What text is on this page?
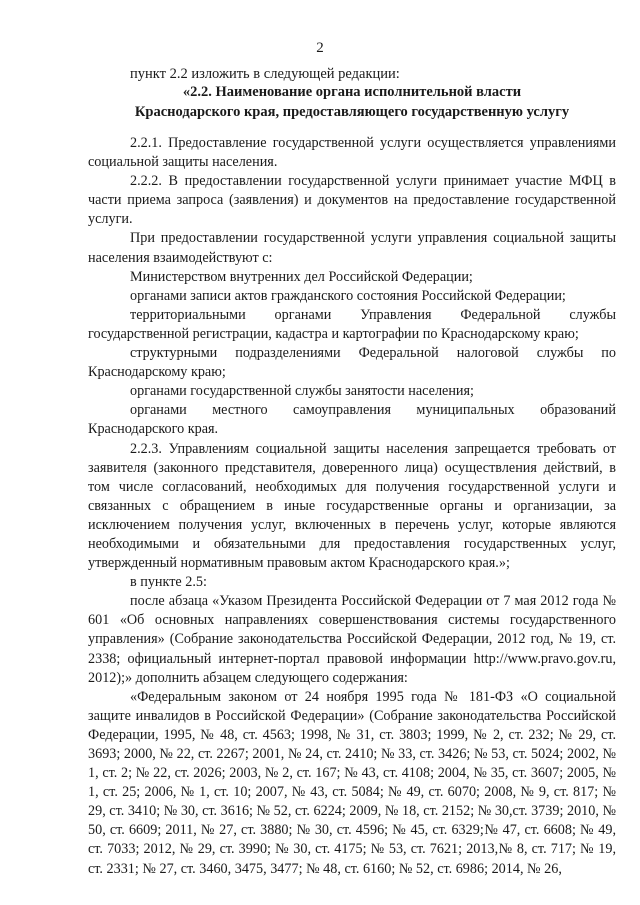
2
пункт 2.2 изложить в следующей редакции:
«2.2. Наименование органа исполнительной власти
Краснодарского края, предоставляющего государственную услугу

2.2.1. Предоставление государственной услуги осуществляется управлениями социальной защиты населения.

2.2.2. В предоставлении государственной услуги принимает участие МФЦ в части приема запроса (заявления) и документов на предоставление государственной услуги.

При предоставлении государственной услуги управления социальной защиты населения взаимодействуют с:

Министерством внутренних дел Российской Федерации;

органами записи актов гражданского состояния Российской Федерации;

территориальными органами Управления Федеральной службы государственной регистрации, кадастра и картографии по Краснодарскому краю;

структурными подразделениями Федеральной налоговой службы по Краснодарскому краю;

органами государственной службы занятости населения;

органами местного самоуправления муниципальных образований Краснодарского края.

2.2.3. Управлениям социальной защиты населения запрещается требовать от заявителя (законного представителя, доверенного лица) осуществления действий, в том числе согласований, необходимых для получения государственной услуги и связанных с обращением в иные государственные органы и организации, за исключением получения услуг, включенных в перечень услуг, которые являются необходимыми и обязательными для предоставления государственных услуг, утвержденный нормативным правовым актом Краснодарского края.»;

в пункте 2.5:

после абзаца «Указом Президента Российской Федерации от 7 мая 2012 года № 601 «Об основных направлениях совершенствования системы государственного управления» (Собрание законодательства Российской Федерации, 2012 год, № 19, ст. 2338; официальный интернет-портал правовой информации http://www.pravo.gov.ru, 2012);» дополнить абзацем следующего содержания:

«Федеральным законом от 24 ноября 1995 года № 181-ФЗ «О социальной защите инвалидов в Российской Федерации» (Собрание законодательства Российской Федерации, 1995, № 48, ст. 4563; 1998, № 31, ст. 3803; 1999, № 2, ст. 232; № 29, ст. 3693; 2000, № 22, ст. 2267; 2001, № 24, ст. 2410; № 33, ст. 3426; № 53, ст. 5024; 2002, № 1, ст. 2; № 22, ст. 2026; 2003, № 2, ст. 167; № 43, ст. 4108; 2004, № 35, ст. 3607; 2005, № 1, ст. 25; 2006, № 1, ст. 10; 2007, № 43, ст. 5084; № 49, ст. 6070; 2008, № 9, ст. 817; № 29, ст. 3410; № 30, ст. 3616; № 52, ст. 6224; 2009, № 18, ст. 2152; № 30,ст. 3739; 2010, № 50, ст. 6609; 2011, № 27, ст. 3880; № 30, ст. 4596; № 45, ст. 6329;№ 47, ст. 6608; № 49, ст. 7033; 2012, № 29, ст. 3990; № 30, ст. 4175; № 53, ст. 7621; 2013,№ 8, ст. 717; № 19, ст. 2331; № 27, ст. 3460, 3475, 3477; № 48, ст. 6160; № 52, ст. 6986; 2014, № 26,
